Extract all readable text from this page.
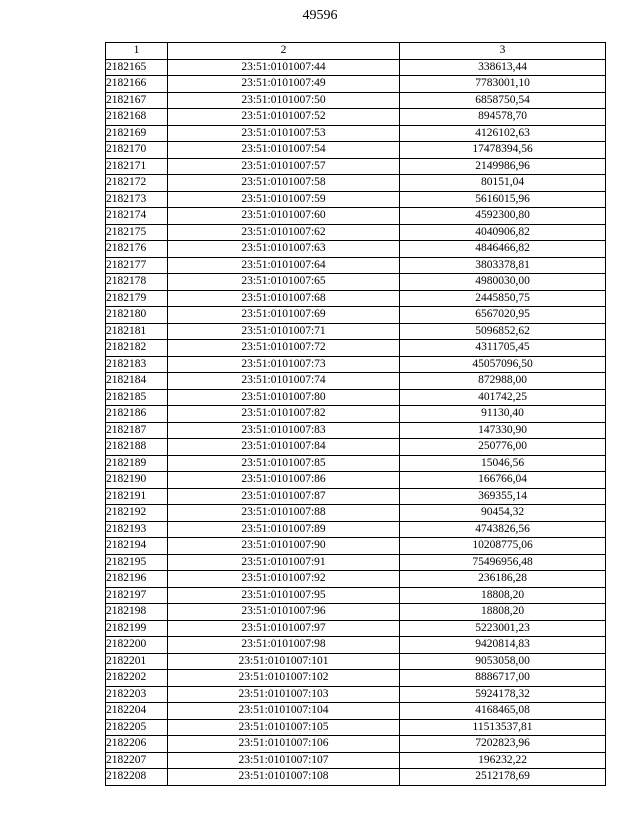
49596
1	2	3
2182165	23:51:0101007:44	338613,44
2182166	23:51:0101007:49	7783001,10
2182167	23:51:0101007:50	6858750,54
2182168	23:51:0101007:52	894578,70
2182169	23:51:0101007:53	4126102,63
2182170	23:51:0101007:54	17478394,56
2182171	23:51:0101007:57	2149986,96
2182172	23:51:0101007:58	80151,04
2182173	23:51:0101007:59	5616015,96
2182174	23:51:0101007:60	4592300,80
2182175	23:51:0101007:62	4040906,82
2182176	23:51:0101007:63	4846466,82
2182177	23:51:0101007:64	3803378,81
2182178	23:51:0101007:65	4980030,00
2182179	23:51:0101007:68	2445850,75
2182180	23:51:0101007:69	6567020,95
2182181	23:51:0101007:71	5096852,62
2182182	23:51:0101007:72	4311705,45
2182183	23:51:0101007:73	45057096,50
2182184	23:51:0101007:74	872988,00
2182185	23:51:0101007:80	401742,25
2182186	23:51:0101007:82	91130,40
2182187	23:51:0101007:83	147330,90
2182188	23:51:0101007:84	250776,00
2182189	23:51:0101007:85	15046,56
2182190	23:51:0101007:86	166766,04
2182191	23:51:0101007:87	369355,14
2182192	23:51:0101007:88	90454,32
2182193	23:51:0101007:89	4743826,56
2182194	23:51:0101007:90	10208775,06
2182195	23:51:0101007:91	75496956,48
2182196	23:51:0101007:92	236186,28
2182197	23:51:0101007:95	18808,20
2182198	23:51:0101007:96	18808,20
2182199	23:51:0101007:97	5223001,23
2182200	23:51:0101007:98	9420814,83
2182201	23:51:0101007:101	9053058,00
2182202	23:51:0101007:102	8886717,00
2182203	23:51:0101007:103	5924178,32
2182204	23:51:0101007:104	4168465,08
2182205	23:51:0101007:105	11513537,81
2182206	23:51:0101007:106	7202823,96
2182207	23:51:0101007:107	196232,22
2182208	23:51:0101007:108	2512178,69
